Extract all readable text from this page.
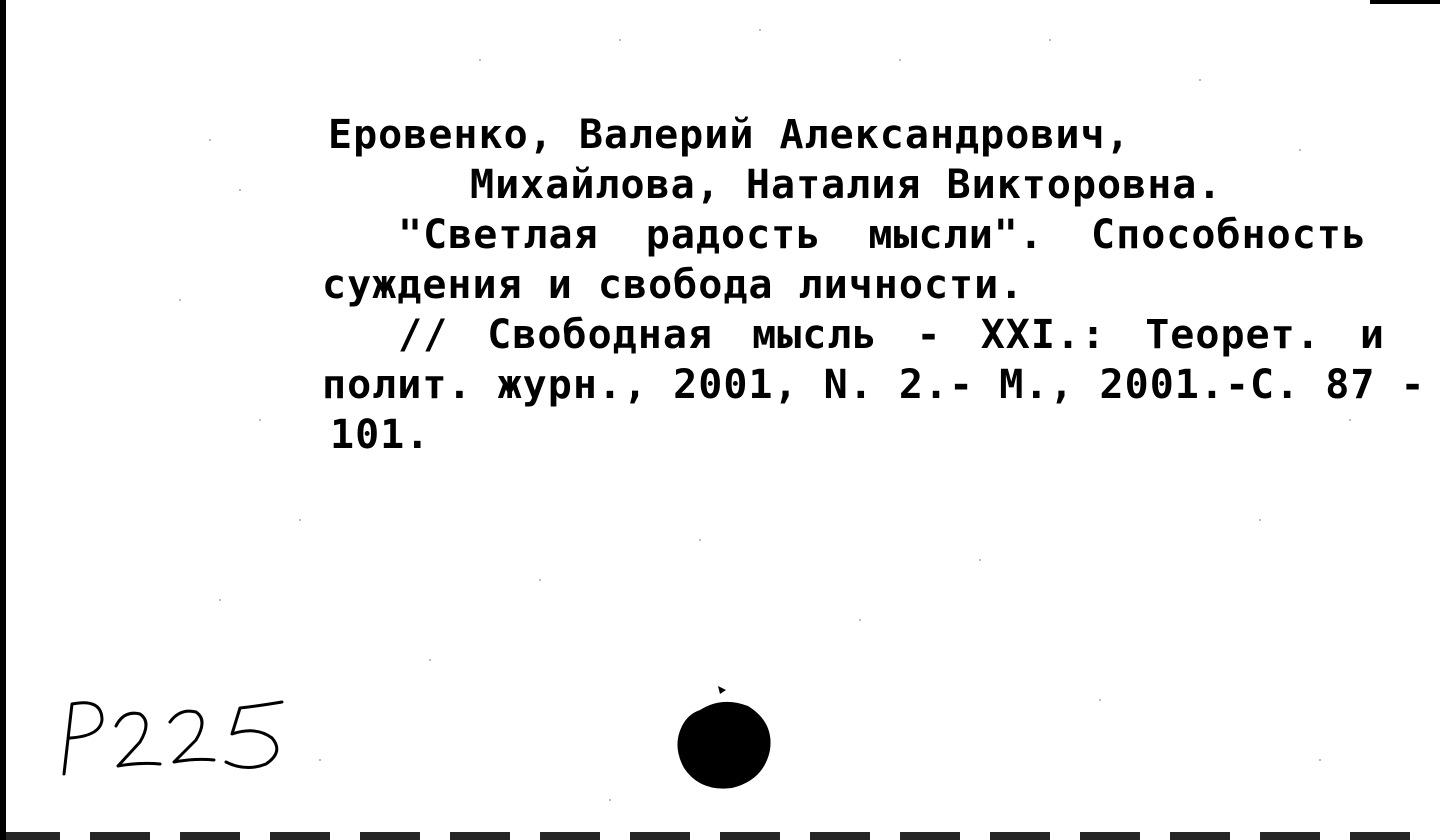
Еровенко, Валерий Александрович,
Михайлова, Наталия Викторовна.
"Светлая радость мысли". Способность
суждения и свобода личности.
// Свободная мысль - XXI.: Теорет. и
полит. журн., 2001, N. 2.- М., 2001.-С. 87 -
101.
